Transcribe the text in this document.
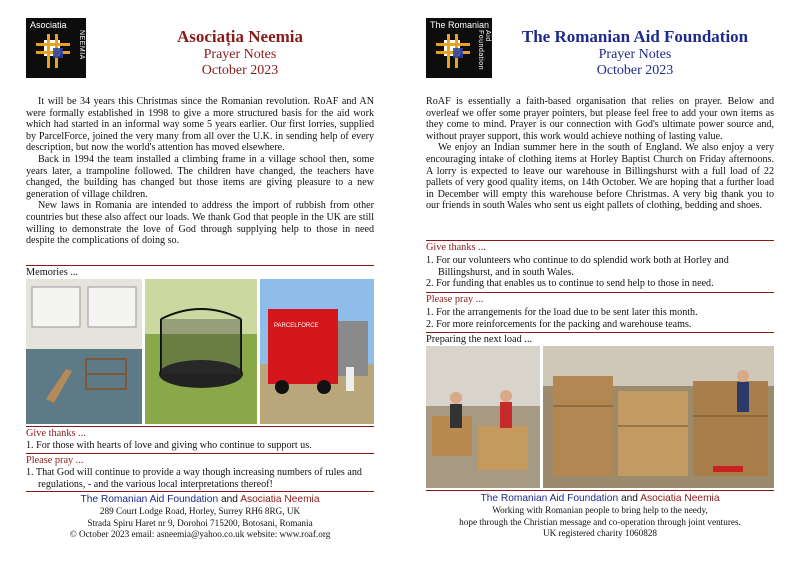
Asociatia
NEEMIA	Asociația Neemia
Prayer Notes
October 2023

It will be 34 years this Christmas since the Romanian revolution. RoAF and AN were formally established in 1998 to give a more structured basis for the aid work which had started in an informal way some 5 years earlier. Our first lorries, supplied by ParcelForce, joined the very many from all over the U.K. in sending help of every description, but now the world's attention has moved elsewhere.

Back in 1994 the team installed a climbing frame in a village school then, some years later, a trampoline followed. The children have changed, the teachers have changed, the building has changed but those items are giving pleasure to a new generation of village children.

New laws in Romania are intended to address the import of rubbish from other countries but these also affect our loads. We thank God that people in the UK are still willing to demonstrate the love of God through supplying help to those in need despite the complications of doing so.

Memories ...
PARCELFORCE
Give thanks ...
1. For those with hearts of love and giving who continue to support us.
Please pray ...
1. That God will continue to provide a way though increasing numbers of rules and regulations, - and the various local interpretations thereof!
The Romanian Aid Foundation and Asociatia Neemia
289 Court Lodge Road, Horley, Surrey RH6 8RG, UK
Strada Spiru Haret nr 9, Dorohoi 715200, Botosani, Romania
© October 2023 email: asneemia@yahoo.co.uk website: www.roaf.org
The Romanian
Aid Foundation	The Romanian Aid Foundation
Prayer Notes
October 2023

RoAF is essentially a faith-based organisation that relies on prayer. Below and overleaf we offer some prayer pointers, but please feel free to add your own items as they come to mind. Prayer is our connection with God's ultimate power source and, without prayer support, this work would achieve nothing of lasting value.

We enjoy an Indian summer here in the south of England. We also enjoy a very encouraging intake of clothing items at Horley Baptist Church on Friday afternoons. A lorry is expected to leave our warehouse in Billingshurst with a full load of 22 pallets of very good quality items, on 14th October. We are hoping that a further load in December will empty this warehouse before Christmas. A very big thank you to our friends in south Wales who sent us eight pallets of clothing, bedding and shoes.

Give thanks ...
1. For our volunteers who continue to do splendid work both at Horley and Billingshurst, and in south Wales.
2. For funding that enables us to continue to send help to those in need.
Please pray ...
1. For the arrangements for the load due to be sent later this month.
2. For more reinforcements for the packing and warehouse teams.
Preparing the next load ...
The Romanian Aid Foundation and Asociatia Neemia
Working with Romanian people to bring help to the needy,
hope through the Christian message and co-operation through joint ventures.
UK registered charity 1060828
